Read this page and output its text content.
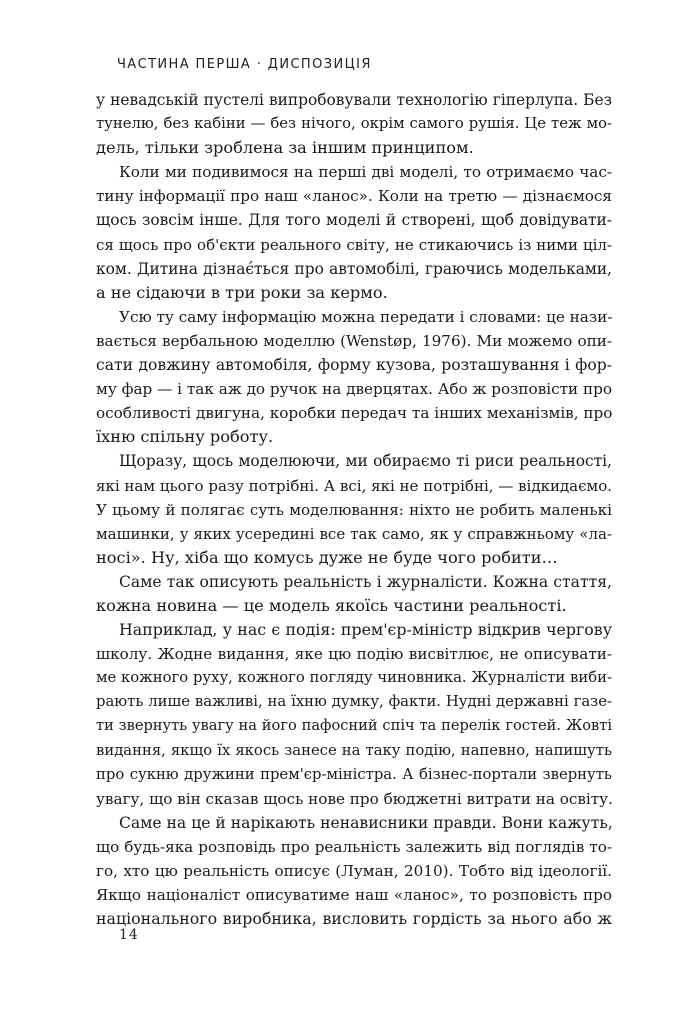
ЧАСТИНА ПЕРША · ДИСПОЗИЦІЯ
у невадській пустелі випробовували технологію гіперлупа. Без
тунелю, без кабіни — без нічого, окрім самого рушія. Це теж мо-
дель, тільки зроблена за іншим принципом.
Коли ми подивимося на перші дві моделі, то отримаємо час-
тину інформації про наш «ланос». Коли на третю — дізнаємося
щось зовсім інше. Для того моделі й створені, щоб довідувати-
ся щось про об'єкти реального світу, не стикаючись із ними ціл-
ком. Дитина дізнає́ться про автомобілі, граючись модельками,
а не сідаючи в три роки за кермо.
Усю ту саму інформацію можна передати і словами: це нази-
вається вербальною моделлю (Wenstøp, 1976). Ми можемо опи-
сати довжину автомобіля, форму кузова, розташування і фор-
му фар — і так аж до ручок на дверцятах. Або ж розповісти про
особливості двигуна, коробки передач та інших механізмів, про
їхню спільну роботу.
Щоразу, щось моделюючи, ми обираємо ті риси реальності,
які нам цього разу потрібні. А всі, які не потрібні, — відкидаємо.
У цьому й полягає суть моделювання: ніхто не робить маленькі
машинки, у яких усередині все так само, як у справжньому «ла-
носі». Ну, хіба що комусь дуже не буде чого робити…
Саме так описують реальність і журналісти. Кожна стаття,
кожна новина — це модель якоїсь частини реальності.
Наприклад, у нас є подія: прем'єр-міністр відкрив чергову
школу. Жодне видання, яке цю подію висвітлює, не описувати-
ме кожного руху, кожного погляду чиновника. Журналісти виби-
рають лише важливі, на їхню думку, факти. Нудні державні газе-
ти звернуть увагу на його пафосний спіч та перелік гостей. Жовті
видання, якщо їх якось занесе на таку подію, напевно, напишуть
про сукню дружини прем'єр-міністра. А бізнес-портали звернуть
увагу, що він сказав щось нове про бюджетні витрати на освіту.
Саме на це й нарікають ненависники правди. Вони кажуть,
що будь-яка розповідь про реальність залежить від поглядів то-
го, хто цю реальність описує (Луман, 2010). Тобто від ідеології.
Якщо націоналіст описуватиме наш «ланос», то розповість про
національного виробника, висловить гордість за нього або ж
14
